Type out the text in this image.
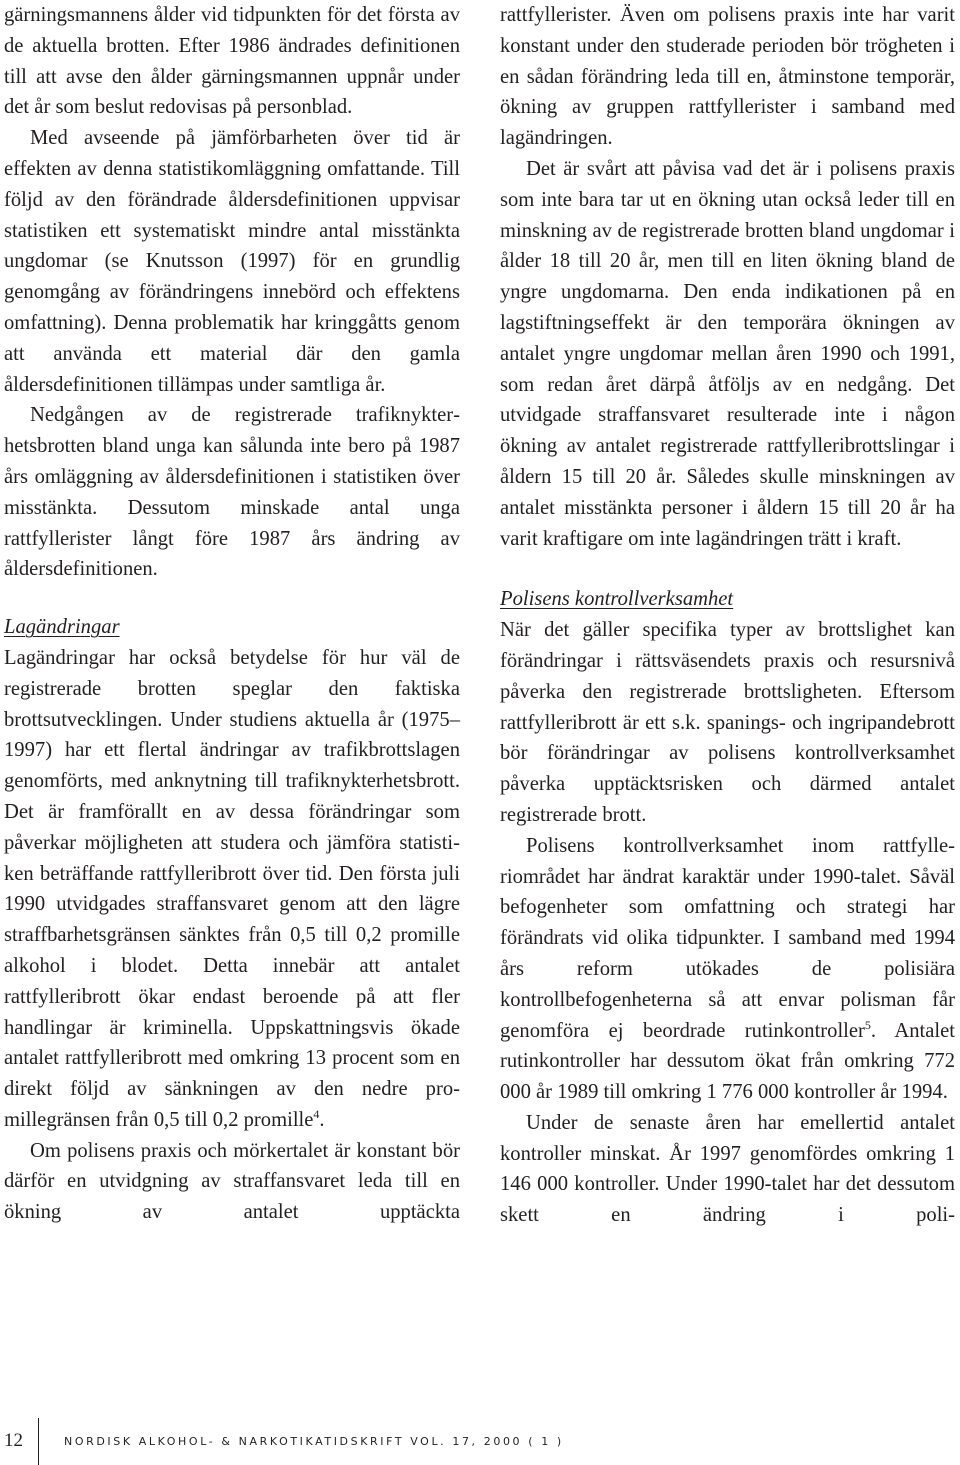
gärningsmannens ålder vid tidpunkten för det första av de aktuella brotten. Efter 1986 ändrades definitionen till att avse den ålder gärningsmannen uppnår under det år som beslut redovisas på personblad.

Med avseende på jämförbarheten över tid är effekten av denna statistikomläggning omfattande. Till följd av den förändrade åldersdefinitionen uppvisar statistiken ett systematiskt mindre antal misstänkta ungdomar (se Knutsson (1997) för en grundlig genomgång av förändringens innebörd och effektens omfattning). Denna problematik har kringgåtts genom att använda ett material där den gamla åldersdefinitionen tillämpas under samtliga år.

Nedgången av de registrerade trafiknykterhetsbrotten bland unga kan sålunda inte bero på 1987 års omläggning av åldersdefinitionen i statistiken över misstänkta. Dessutom minskade antal unga rattfyllerister långt före 1987 års ändring av åldersdefinitionen.

Lagändringar

Lagändringar har också betydelse för hur väl de registrerade brotten speglar den faktiska brottsutvecklingen. Under studiens aktuella år (1975–1997) har ett flertal ändringar av trafikbrottslagen genomförts, med anknytning till trafiknykterhetsbrott. Det är framförallt en av dessa förändringar som påverkar möjligheten att studera och jämföra statistiken beträffande rattfylleribrott över tid. Den första juli 1990 utvidgades straffansvaret genom att den lägre straffbarhetsgränsen sänktes från 0,5 till 0,2 promille alkohol i blodet. Detta innebär att antalet rattfylleribrott ökar endast beroende på att fler handlingar är kriminella. Uppskattningsvis ökade antalet rattfylleribrott med omkring 13 procent som en direkt följd av sänkningen av den nedre promillegränsen från 0,5 till 0,2 promille$^4$.

Om polisens praxis och mörkertalet är konstant bör därför en utvidgning av straffansvaret leda till en ökning av antalet upptäckta

rattfyllerister. Även om polisens praxis inte har varit konstant under den studerade perioden bör trögheten i en sådan förändring leda till en, åtminstone temporär, ökning av gruppen rattfyllerister i samband med lagändringen.

Det är svårt att påvisa vad det är i polisens praxis som inte bara tar ut en ökning utan också leder till en minskning av de registrerade brotten bland ungdomar i ålder 18 till 20 år, men till en liten ökning bland de yngre ungdomarna. Den enda indikationen på en lagstiftningseffekt är den temporära ökningen av antalet yngre ungdomar mellan åren 1990 och 1991, som redan året därpå åtföljs av en nedgång. Det utvidgade straffansvaret resulterade inte i någon ökning av antalet registrerade rattfylleribrottslingar i åldern 15 till 20 år. Således skulle minskningen av antalet misstänkta personer i åldern 15 till 20 år ha varit kraftigare om inte lagändringen trätt i kraft.

Polisens kontrollverksamhet

När det gäller specifika typer av brottslighet kan förändringar i rättsväsendets praxis och resursnivå påverka den registrerade brottsligheten. Eftersom rattfylleribrott är ett s.k. spanings- och ingripandebrott bör förändringar av polisens kontrollverksamhet påverka upptäcktsrisken och därmed antalet registrerade brott.

Polisens kontrollverksamhet inom rattfylleriområdet har ändrat karaktär under 1990-talet. Såväl befogenheter som omfattning och strategi har förändrats vid olika tidpunkter. I samband med 1994 års reform utökades de polisiära kontrollbefogenheterna så att envar polisman får genomföra ej beordrade rutinkontroller$^5$. Antalet rutinkontroller har dessutom ökat från omkring 772 000 år 1989 till omkring 1 776 000 kontroller år 1994.

Under de senaste åren har emellertid antalet kontroller minskat. År 1997 genomfördes omkring 1 146 000 kontroller. Under 1990-talet har det dessutom skett en ändring i poli-

12	NORDISK ALKOHOL- & NARKOTIKATIDSKRIFT VOL. 17, 2000 ( 1 )
